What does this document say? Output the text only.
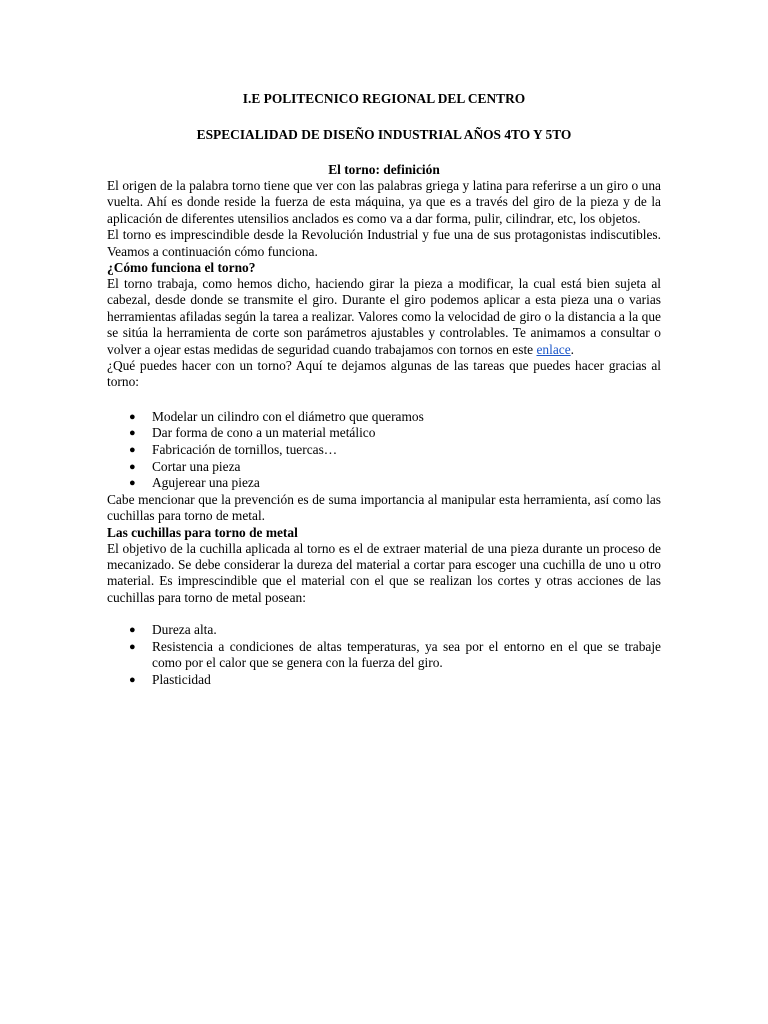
I.E POLITECNICO REGIONAL DEL CENTRO

ESPECIALIDAD DE DISEÑO INDUSTRIAL AÑOS 4TO Y 5TO

El torno: definición

El origen de la palabra torno tiene que ver con las palabras griega y latina para referirse a un giro o una vuelta. Ahí es donde reside la fuerza de esta máquina, ya que es a través del giro de la pieza y de la aplicación de diferentes utensilios anclados es como va a dar forma, pulir, cilindrar, etc, los objetos.

El torno es imprescindible desde la Revolución Industrial y fue una de sus protagonistas indiscutibles. Veamos a continuación cómo funciona.

¿Cómo funciona el torno?

El torno trabaja, como hemos dicho, haciendo girar la pieza a modificar, la cual está bien sujeta al cabezal, desde donde se transmite el giro. Durante el giro podemos aplicar a esta pieza una o varias herramientas afiladas según la tarea a realizar. Valores como la velocidad de giro o la distancia a la que se sitúa la herramienta de corte son parámetros ajustables y controlables. Te animamos a consultar o volver a ojear estas medidas de seguridad cuando trabajamos con tornos en este enlace.

¿Qué puedes hacer con un torno? Aquí te dejamos algunas de las tareas que puedes hacer gracias al torno:

● Modelar un cilindro con el diámetro que queramos
● Dar forma de cono a un material metálico
● Fabricación de tornillos, tuercas…
● Cortar una pieza
● Agujerear una pieza

Cabe mencionar que la prevención es de suma importancia al manipular esta herramienta, así como las cuchillas para torno de metal.

Las cuchillas para torno de metal

El objetivo de la cuchilla aplicada al torno es el de extraer material de una pieza durante un proceso de mecanizado. Se debe considerar la dureza del material a cortar para escoger una cuchilla de uno u otro material. Es imprescindible que el material con el que se realizan los cortes y otras acciones de las cuchillas para torno de metal posean:

● Dureza alta.
● Resistencia a condiciones de altas temperaturas, ya sea por el entorno en el que se trabaje como por el calor que se genera con la fuerza del giro.
● Plasticidad
